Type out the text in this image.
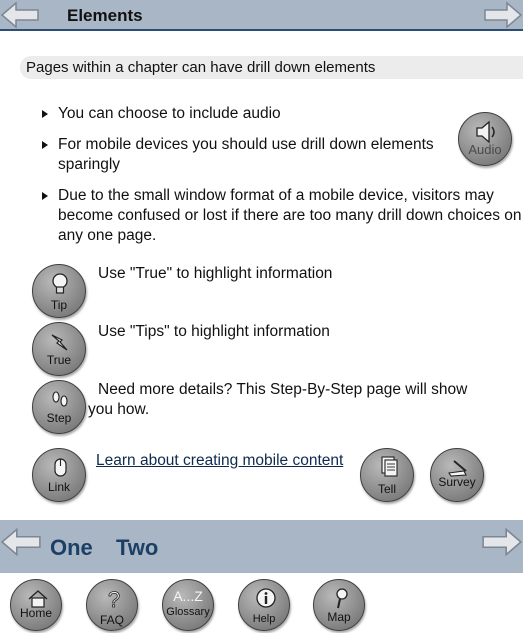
Elements
Pages within a chapter can have drill down elements
You can choose to include audio
For mobile devices you should use drill down elements sparingly
Due to the small window format of a mobile device, visitors may become confused or lost if there are too many drill down choices on any one page.
Audio
Tip
Use "True" to highlight information
True
Use "Tips" to highlight information
Step
Need more details? This Step-By-Step page will show you how.
Link
Learn about creating mobile content
Tell	Survey
One Two
Home
?
FAQ
A...Z
Glossary
Help	Map
